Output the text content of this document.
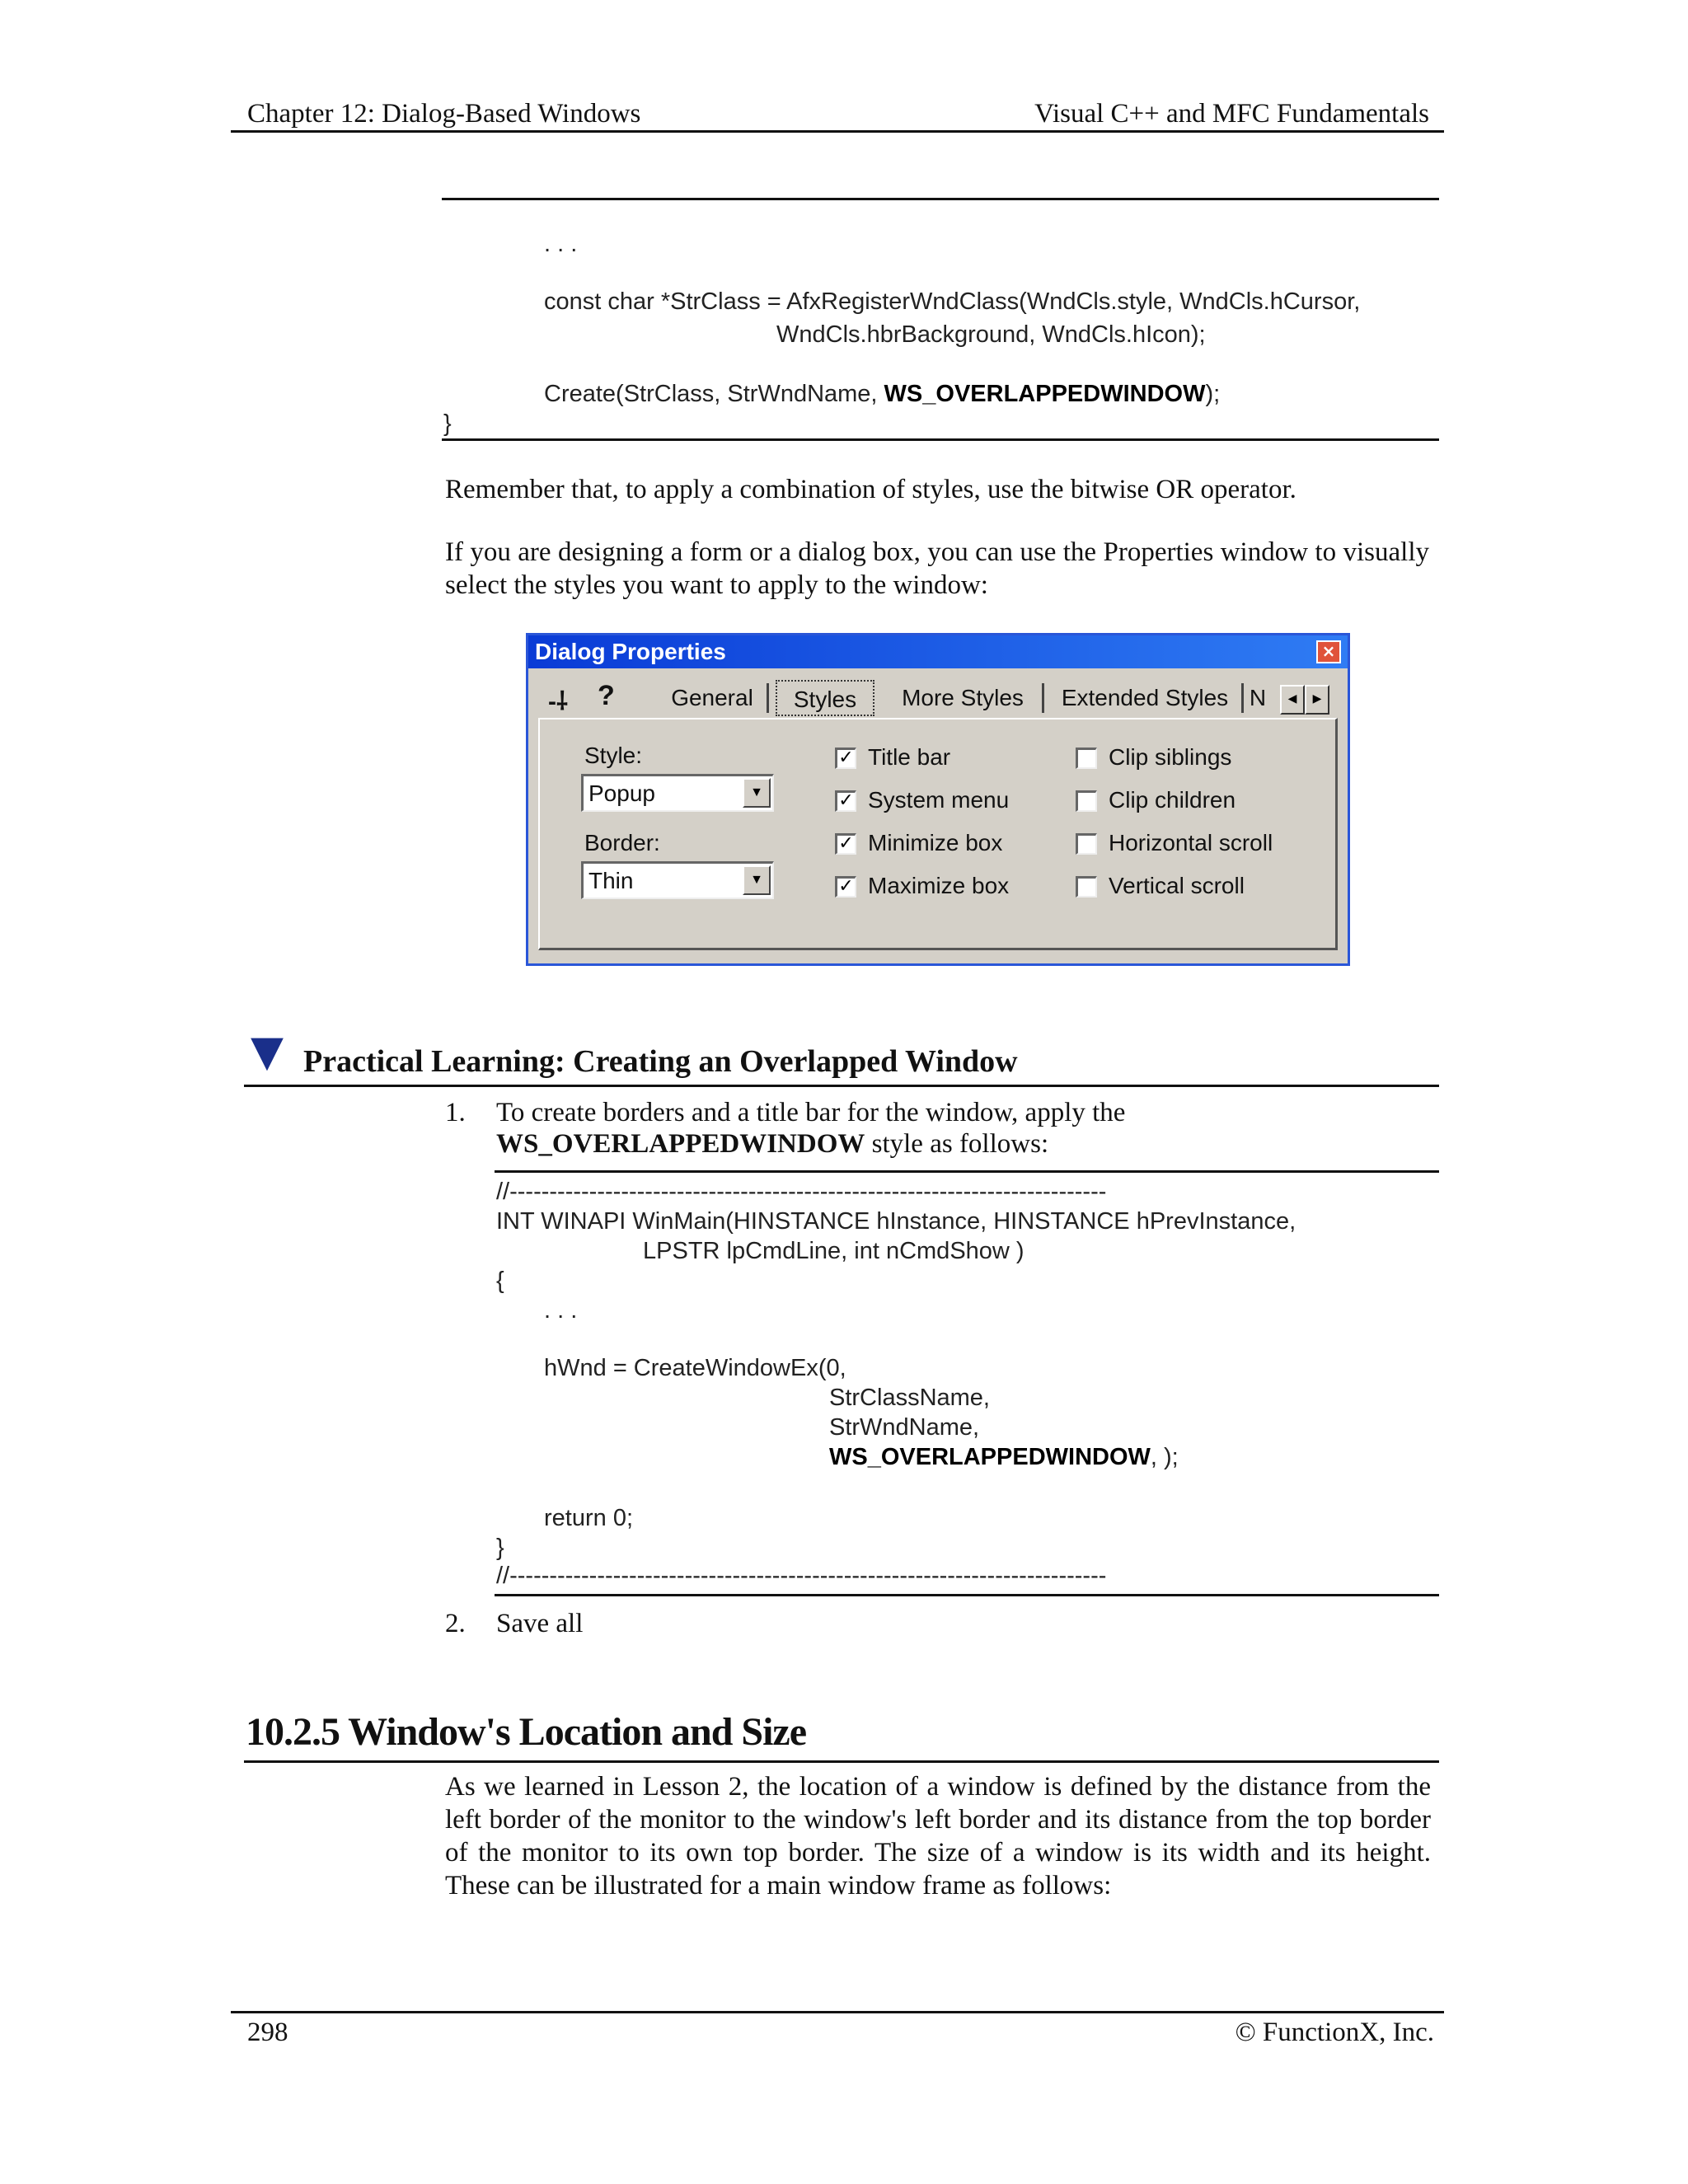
Chapter 12: Dialog-Based Windows	Visual C++ and MFC Fundamentals
. . .
const char *StrClass = AfxRegisterWndClass(WndCls.style, WndCls.hCursor,
WndCls.hbrBackground, WndCls.hIcon);
Create(StrClass, StrWndName, WS_OVERLAPPEDWINDOW);
}
Remember that, to apply a combination of styles, use the bitwise OR operator.
If you are designing a form or a dialog box, you can use the Properties window to visually select the styles you want to apply to the window:
Dialog Properties	×
-⸸ ?	General	Styles	More Styles	Extended Styles N	◀	▶
Style:
Popup	▼
Border:
Thin	▼
✓ Title bar
✓ System menu
✓ Minimize box
✓ Maximize box
Clip siblings
Clip children
Horizontal scroll
Vertical scroll
▼ Practical Learning: Creating an Overlapped Window
1. To create borders and a title bar for the window, apply the
WS_OVERLAPPEDWINDOW style as follows:
//---------------------------------------------------------------------------
INT WINAPI WinMain(HINSTANCE hInstance, HINSTANCE hPrevInstance,
LPSTR lpCmdLine, int nCmdShow )
{
. . .
hWnd = CreateWindowEx(0,
StrClassName,
StrWndName,
WS_OVERLAPPEDWINDOW, );
return 0;
}
//---------------------------------------------------------------------------
2. Save all
10.2.5 Window's Location and Size
As we learned in Lesson 2, the location of a window is defined by the distance from the left border of the monitor to the window's left border and its distance from the top border of the monitor to its own top border. The size of a window is its width and its height. These can be illustrated for a main window frame as follows:
298	© FunctionX, Inc.
